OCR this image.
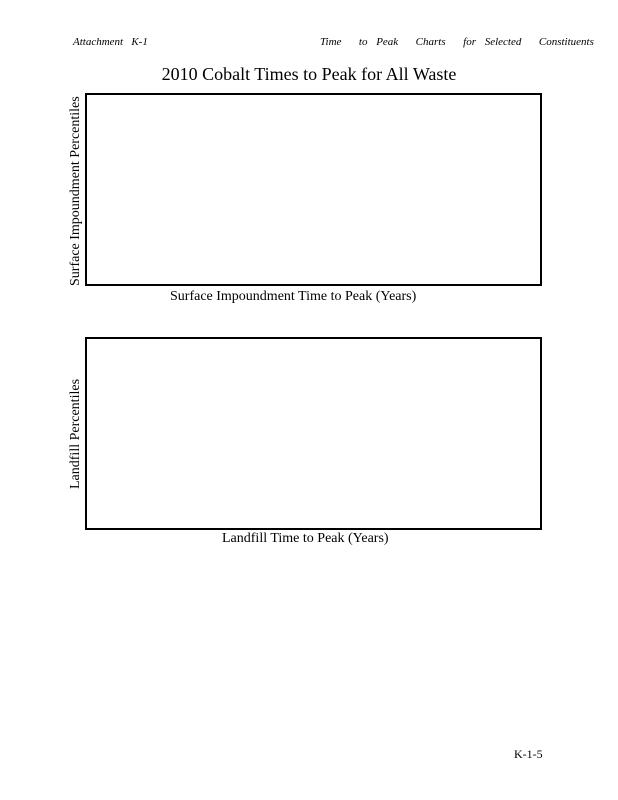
Attachment   K-1	Time  to Peak  Charts  for Selected  Constituents
2010 Cobalt Times to Peak for All Waste
Surface Impoundment Percentiles
Surface Impoundment Time to Peak (Years)
Landfill Percentiles
Landfill Time to Peak (Years)
K-1-5
